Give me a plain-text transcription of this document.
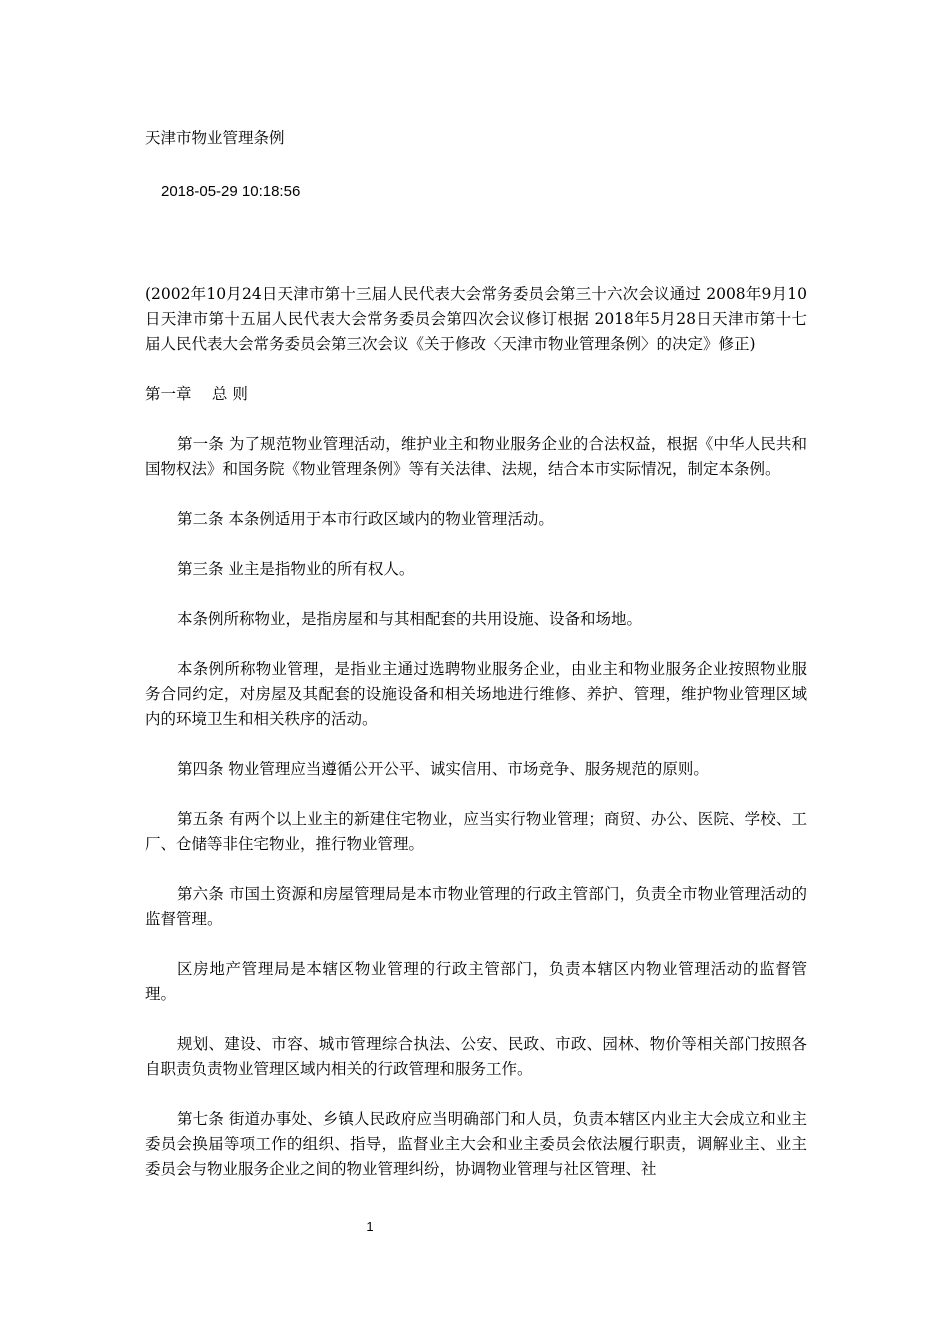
天津市物业管理条例
2018-05-29 10:18:56

(2002年10月24日天津市第十三届人民代表大会常务委员会第三十六次会议通过 2008年9月10日天津市第十五届人民代表大会常务委员会第四次会议修订根据 2018年5月28日天津市第十七届人民代表大会常务委员会第三次会议《关于修改〈天津市物业管理条例〉的决定》修正)

第一章　 总 则

第一条 为了规范物业管理活动，维护业主和物业服务企业的合法权益，根据《中华人民共和国物权法》和国务院《物业管理条例》等有关法律、法规，结合本市实际情况，制定本条例。

第二条 本条例适用于本市行政区域内的物业管理活动。

第三条 业主是指物业的所有权人。

本条例所称物业，是指房屋和与其相配套的共用设施、设备和场地。

本条例所称物业管理，是指业主通过选聘物业服务企业，由业主和物业服务企业按照物业服务合同约定，对房屋及其配套的设施设备和相关场地进行维修、养护、管理，维护物业管理区域内的环境卫生和相关秩序的活动。

第四条 物业管理应当遵循公开公平、诚实信用、市场竞争、服务规范的原则。

第五条 有两个以上业主的新建住宅物业，应当实行物业管理；商贸、办公、医院、学校、工厂、仓储等非住宅物业，推行物业管理。

第六条 市国土资源和房屋管理局是本市物业管理的行政主管部门，负责全市物业管理活动的监督管理。

区房地产管理局是本辖区物业管理的行政主管部门，负责本辖区内物业管理活动的监督管理。

规划、建设、市容、城市管理综合执法、公安、民政、市政、园林、物价等相关部门按照各自职责负责物业管理区域内相关的行政管理和服务工作。

第七条 街道办事处、乡镇人民政府应当明确部门和人员，负责本辖区内业主大会成立和业主委员会换届等项工作的组织、指导，监督业主大会和业主委员会依法履行职责，调解业主、业主委员会与物业服务企业之间的物业管理纠纷，协调物业管理与社区管理、社

1
